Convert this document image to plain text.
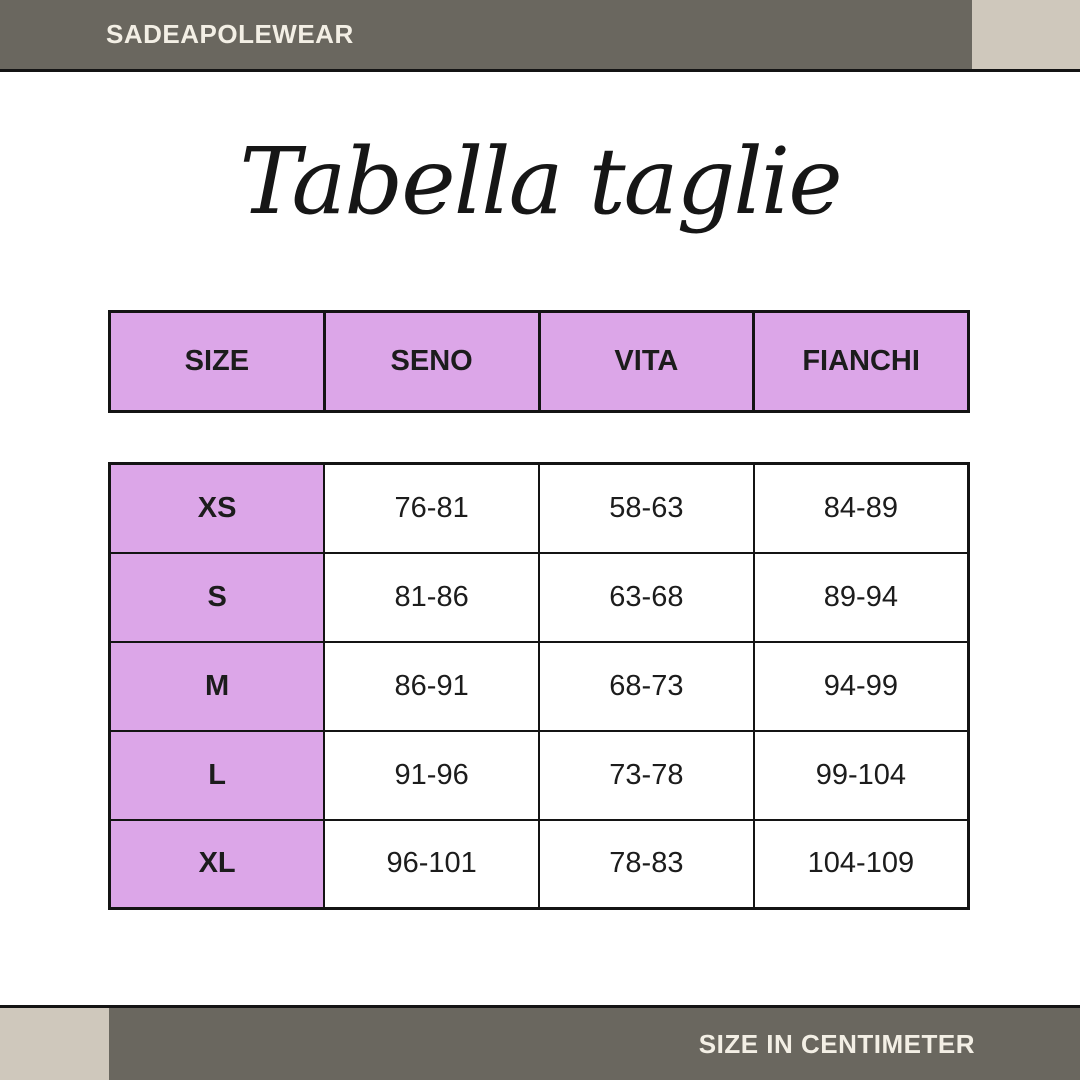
SADEAPOLEWEAR
Tabella taglie
SIZE	SENO	VITA	FIANCHI
XS	76-81	58-63	84-89
S	81-86	63-68	89-94
M	86-91	68-73	94-99
L	91-96	73-78	99-104
XL	96-101	78-83	104-109
SIZE IN CENTIMETER
